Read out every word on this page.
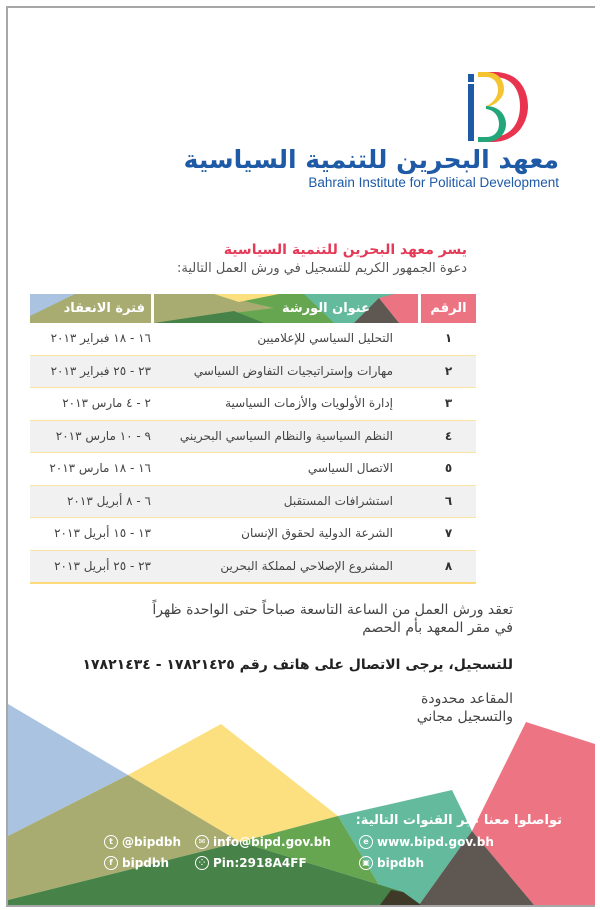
معهد البحرين للتنمية السياسية
Bahrain Institute for Political Development
يسر معهد البحرين للتنمية السياسية
دعوة الجمهور الكريم للتسجيل في ورش العمل التالية:
الرقم
عنوان الورشة
فترة الانعقاد
١
التحليل السياسي للإعلاميين
١٦ - ١٨ فبراير ٢٠١٣
٢
مهارات وإستراتيجيات التفاوض السياسي
٢٣ - ٢٥ فبراير ٢٠١٣
٣
إدارة الأولويات والأزمات السياسية
٢ - ٤ مارس ٢٠١٣
٤
النظم السياسية والنظام السياسي البحريني
٩ - ١٠ مارس ٢٠١٣
٥
الاتصال السياسي
١٦ - ١٨ مارس ٢٠١٣
٦
استشرافات المستقبل
٦ - ٨ أبريل ٢٠١٣
٧
الشرعة الدولية لحقوق الإنسان
١٣ - ١٥ أبريل ٢٠١٣
٨
المشروع الإصلاحي لمملكة البحرين
٢٣ - ٢٥ أبريل ٢٠١٣
تعقد ورش العمل من الساعة التاسعة صباحاً حتى الواحدة ظهراً
في مقر المعهد بأم الحصم
للتسجيل، يرجى الاتصال على هاتف رقم ١٧٨٢١٤٢٥ - ١٧٨٢١٤٣٤
المقاعد محدودة
والتسجيل مجاني
تواصلوا معنا عبر القنوات التالية:
t @bipdbh
f bipdbh
✉ info@bipd.gov.bh
⁘ Pin:2918A4FF
e www.bipd.gov.bh
▣ bipdbh
